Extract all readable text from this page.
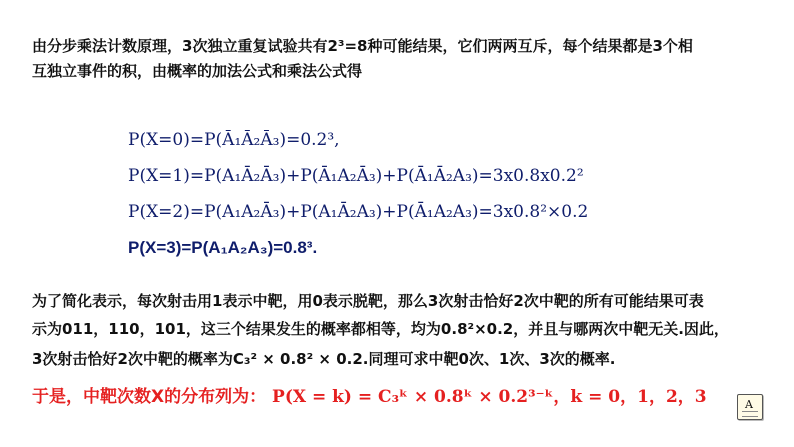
由分步乘法计数原理，3次独立重复试验共有2³=8种可能结果，它们两两互斥，每个结果都是3个相
互独立事件的积，由概率的加法公式和乘法公式得
P(X=0)=P(Ā₁Ā₂Ā₃)=0.2³,
P(X=1)=P(A₁Ā₂Ā₃)+P(Ā₁A₂Ā₃)+P(Ā₁Ā₂A₃)=3x0.8x0.2²
P(X=2)=P(A₁A₂Ā₃)+P(A₁Ā₂A₃)+P(Ā₁A₂A₃)=3x0.8²×0.2
P(X=3)=P(A₁A₂A₃)=0.8³.
为了简化表示，每次射击用1表示中靶，用0表示脱靶，那么3次射击恰好2次中靶的所有可能结果可表
示为011，110，101，这三个结果发生的概率都相等，均为0.8²×0.2，并且与哪两次中靶无关.因此，
3次射击恰好2次中靶的概率为C₃² × 0.8² × 0.2.同理可求中靶0次、1次、3次的概率.
于是，中靶次数X的分布列为： P(X = k) = C₃ᵏ × 0.8ᵏ × 0.2³⁻ᵏ，k = 0，1，2，3	A
